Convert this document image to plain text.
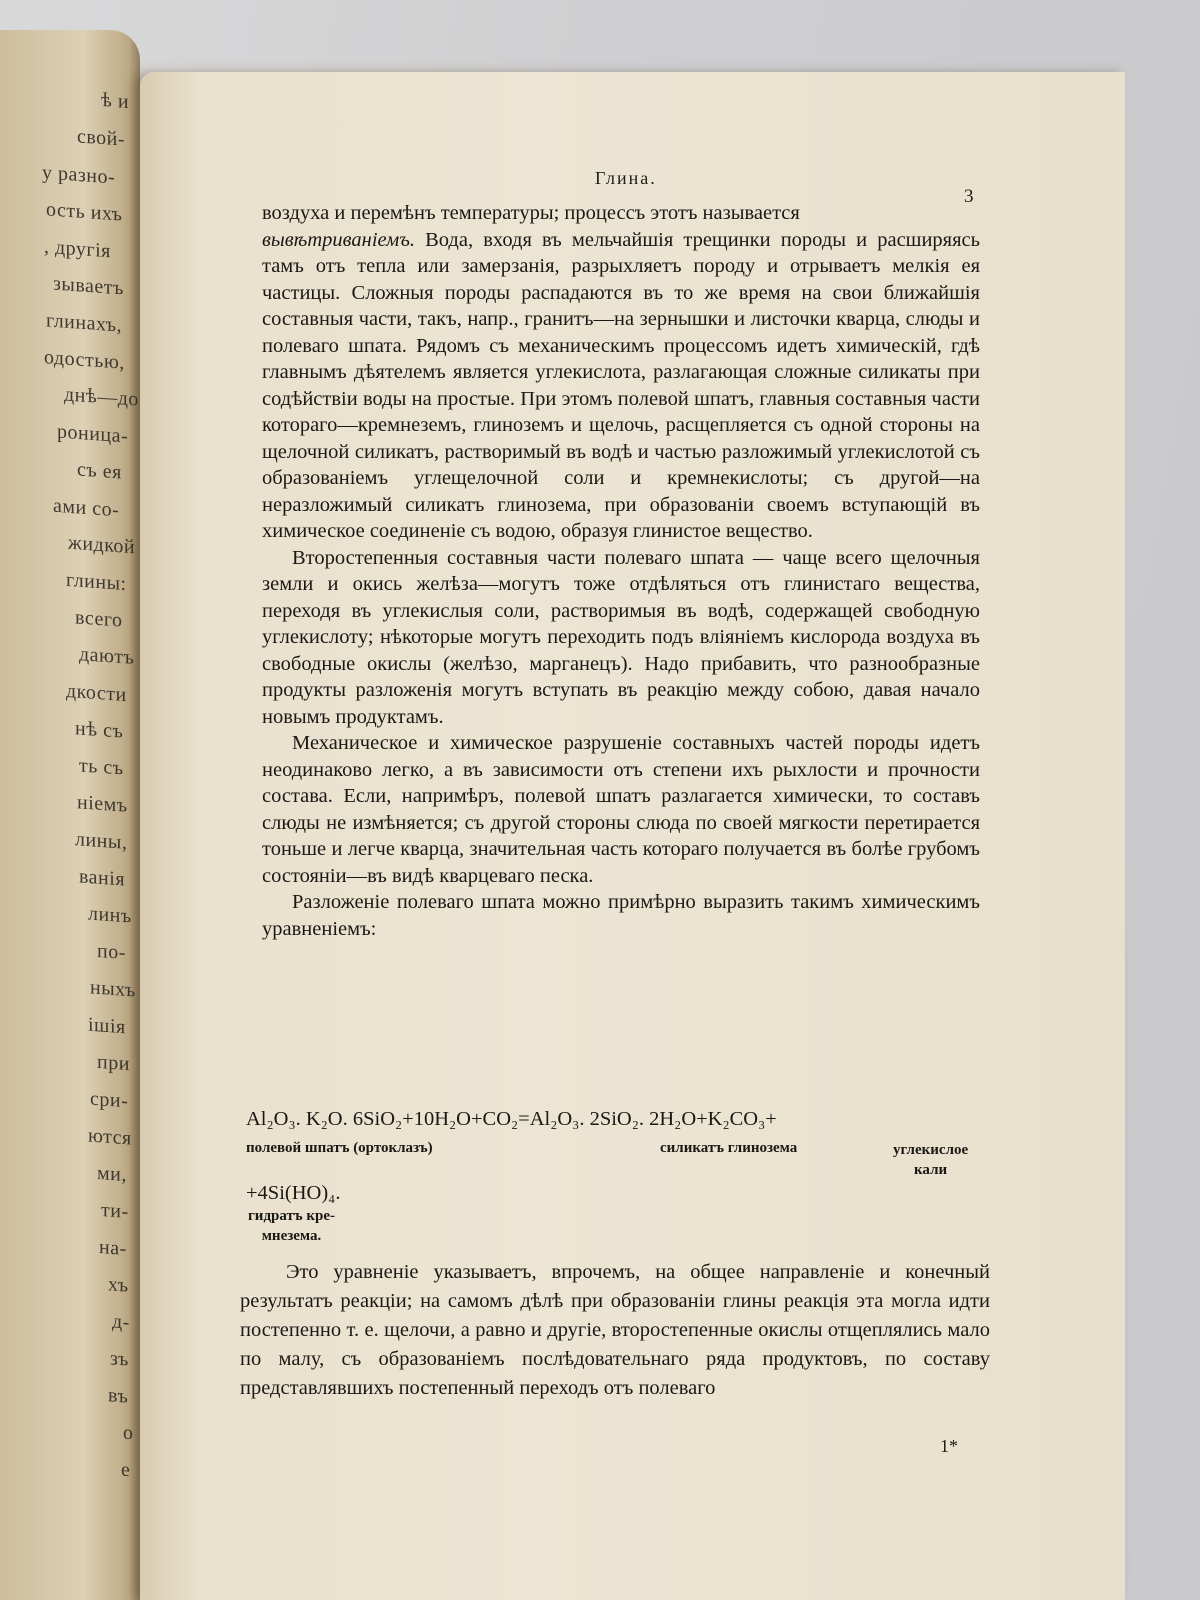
ѣ и
свой-
у разно-
ость ихъ
, другія
зываетъ
глинахъ,
одостью,
днѣ—до
роница-
съ ея
ами со-
жидкой
глины:
всего
даютъ
дкости
нѣ съ
ть съ
ніемъ
лины,
ванія
линъ
по-
ныхъ
ішія
при
сри-
ются
ми,
ти-
на-
хъ
д-
зъ
въ
о
е
Глина.
3

воздуха и перемѣнъ температуры; процессъ этотъ называется

вывѣтриваніемъ. Вода, входя въ мельчайшія трещинки породы и расширяясь тамъ отъ тепла или замерзанія, разрыхляетъ породу и отрываетъ мелкія ея частицы. Сложныя породы распадаются въ то же время на свои ближайшія составныя части, такъ, напр., гранитъ—на зернышки и листочки кварца, слюды и полеваго шпата. Рядомъ съ механическимъ процессомъ идетъ химическій, гдѣ главнымъ дѣятелемъ является углекислота, разлагающая сложные силикаты при содѣйствіи воды на простые. При этомъ полевой шпатъ, главныя составныя части котораго—кремнеземъ, глиноземъ и щелочь, расщепляется съ одной стороны на щелочной силикатъ, растворимый въ водѣ и частью разложимый углекислотой съ образованіемъ углещелочной соли и кремнекислоты; съ другой—на неразложимый силикатъ глинозема, при образованіи своемъ вступающій въ химическое соединеніе съ водою, образуя глинистое вещество.

Второстепенныя составныя части полеваго шпата — чаще всего щелочныя земли и окись желѣза—могутъ тоже отдѣляться отъ глинистаго вещества, переходя въ углекислыя соли, растворимыя въ водѣ, содержащей свободную углекислоту; нѣкоторые могутъ переходить подъ вліяніемъ кислорода воздуха въ свободные окислы (желѣзо, марганецъ). Надо прибавить, что разнообразные продукты разложенія могутъ вступать въ реакцію между собою, давая начало новымъ продуктамъ.

Механическое и химическое разрушеніе составныхъ частей породы идетъ неодинаково легко, а въ зависимости отъ степени ихъ рыхлости и прочности состава. Если, напримѣръ, полевой шпатъ разлагается химически, то составъ слюды не измѣняется; съ другой стороны слюда по своей мягкости перетирается тоньше и легче кварца, значительная часть котораго получается въ болѣе грубомъ состояніи—въ видѣ кварцеваго песка.

Разложеніе полеваго шпата можно примѣрно выразить такимъ химическимъ уравненіемъ:

Al₂O₃. K₂O. 6SiO₂+10H₂O+CO₂=Al₂O₃. 2SiO₂. 2H₂O+K₂CO₃+
полевой шпатъ (ортоклазъ)	силикатъ глинозема	углекислое
кали
+4Si(HO)₄.
гидратъ кре-
мнезема.

Это уравненіе указываетъ, впрочемъ, на общее направленіе и конечный результатъ реакціи; на самомъ дѣлѣ при образованіи глины реакція эта могла идти постепенно т. е. щелочи, а равно и другіе, второстепенные окислы отщеплялись мало по малу, съ образованіемъ послѣдовательнаго ряда продуктовъ, по составу представлявшихъ постепенный переходъ отъ полеваго

1*
